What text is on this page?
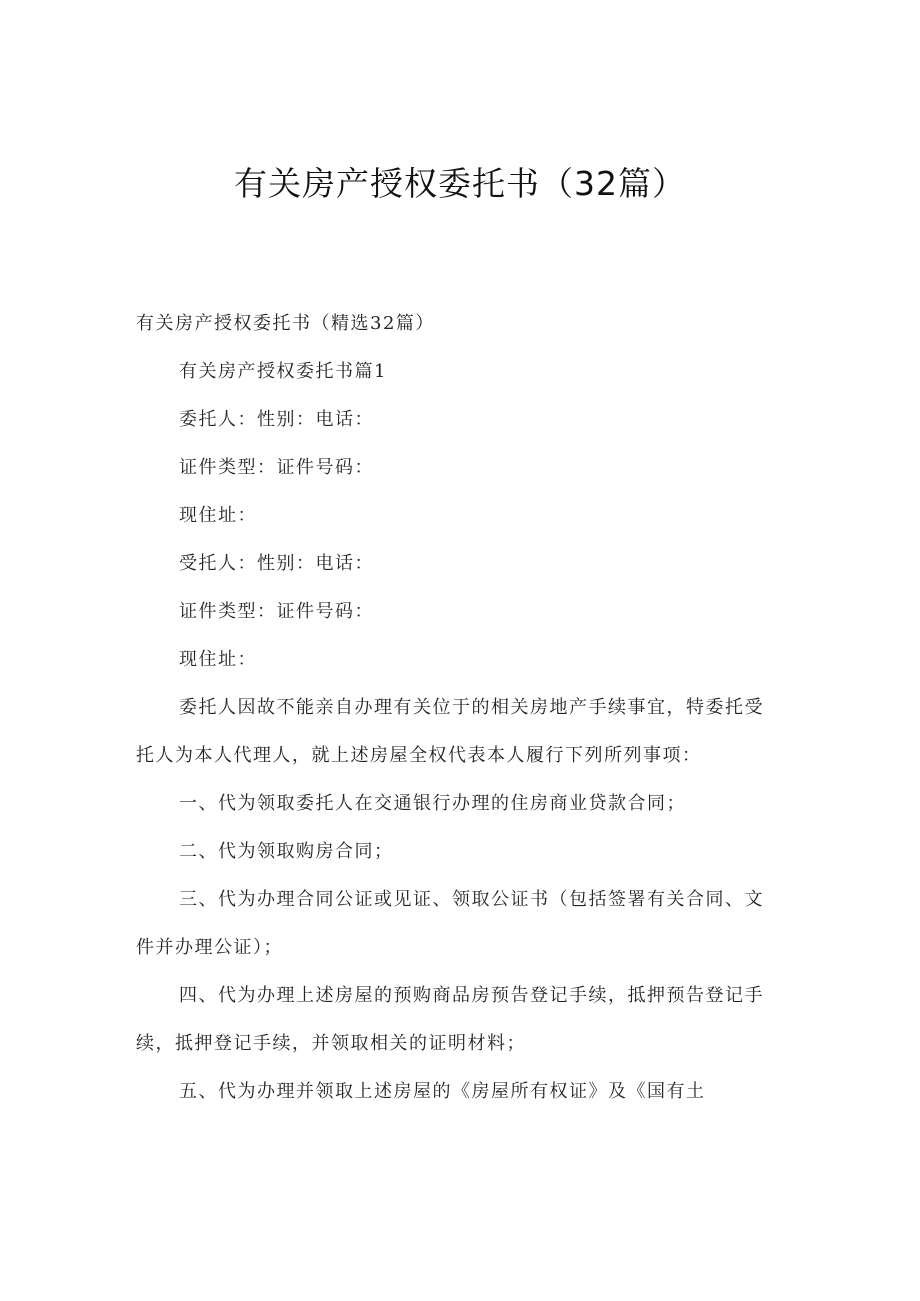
有关房产授权委托书（32篇）

有关房产授权委托书（精选32篇）

有关房产授权委托书篇1

委托人：性别：电话：

证件类型：证件号码：

现住址：

受托人：性别：电话：

证件类型：证件号码：

现住址：

委托人因故不能亲自办理有关位于的相关房地产手续事宜，特委托受

托人为本人代理人，就上述房屋全权代表本人履行下列所列事项：

一、代为领取委托人在交通银行办理的住房商业贷款合同；

二、代为领取购房合同；

三、代为办理合同公证或见证、领取公证书（包括签署有关合同、文

件并办理公证）；

四、代为办理上述房屋的预购商品房预告登记手续，抵押预告登记手

续，抵押登记手续，并领取相关的证明材料；

五、代为办理并领取上述房屋的《房屋所有权证》及《国有土
